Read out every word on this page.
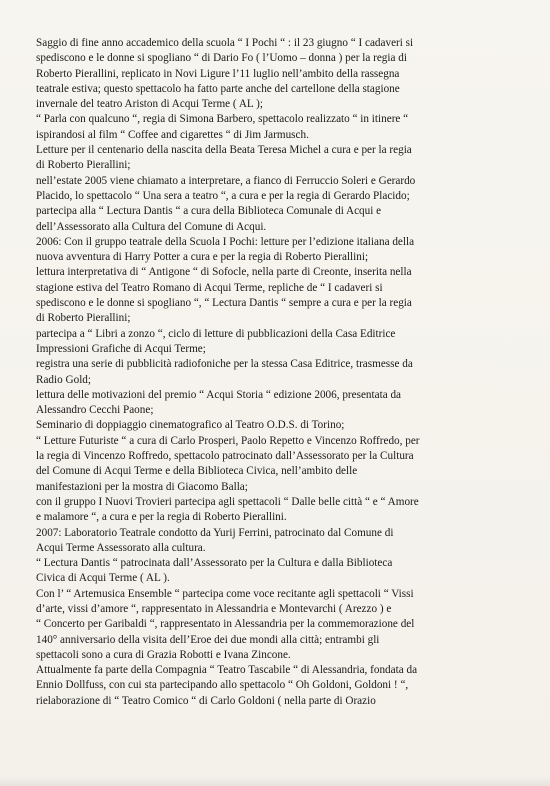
Saggio di fine anno accademico della scuola “ I Pochi “ : il 23 giugno “ I cadaveri si
spediscono e le donne si spogliano “ di Dario Fo ( l’Uomo – donna ) per la regia di
Roberto Pierallini, replicato in Novi Ligure l’11 luglio nell’ambito della rassegna
teatrale estiva; questo spettacolo ha fatto parte anche del cartellone della stagione
invernale del teatro Ariston di Acqui Terme ( AL );
“ Parla con qualcuno “, regia di Simona Barbero, spettacolo realizzato “ in itinere “
ispirandosi al film “ Coffee and cigarettes “ di Jim Jarmusch.
Letture per il centenario della nascita della Beata Teresa Michel a cura e per la regia
di Roberto Pierallini;
nell’estate 2005 viene chiamato a interpretare, a fianco di Ferruccio Soleri e Gerardo
Placido, lo spettacolo “ Una sera a teatro “, a cura e per la regia di Gerardo Placido;
partecipa alla “ Lectura Dantis “ a cura della Biblioteca Comunale di Acqui e
dell’Assessorato alla Cultura del Comune di Acqui.
2006: Con il gruppo teatrale della Scuola I Pochi: letture per l’edizione italiana della
nuova avventura di Harry Potter a cura e per la regia di Roberto Pierallini;
lettura interpretativa di “ Antigone “ di Sofocle, nella parte di Creonte, inserita nella
stagione estiva del Teatro Romano di Acqui Terme, repliche de “ I cadaveri si
spediscono e le donne si spogliano “, “ Lectura Dantis “ sempre a cura e per la regia
di Roberto Pierallini;
partecipa a “ Libri a zonzo “, ciclo di letture di pubblicazioni della Casa Editrice
Impressioni Grafiche di Acqui Terme;
registra una serie di pubblicità radiofoniche per la stessa Casa Editrice, trasmesse da
Radio Gold;
lettura delle motivazioni del premio “ Acqui Storia “ edizione 2006, presentata da
Alessandro Cecchi Paone;
Seminario di doppiaggio cinematografico al Teatro O.D.S. di Torino;
“ Letture Futuriste “ a cura di Carlo Prosperi, Paolo Repetto e Vincenzo Roffredo, per
la regia di Vincenzo Roffredo, spettacolo patrocinato dall’Assessorato per la Cultura
del Comune di Acqui Terme e della Biblioteca Civica, nell’ambito delle
manifestazioni per la mostra di Giacomo Balla;
con il gruppo I Nuovi Trovieri partecipa agli spettacoli “ Dalle belle città “ e “ Amore
e malamore “, a cura e per la regia di Roberto Pierallini.
2007: Laboratorio Teatrale condotto da Yurij Ferrini, patrocinato dal Comune di
Acqui Terme Assessorato alla cultura.
“ Lectura Dantis “ patrocinata dall’Assessorato per la Cultura e dalla Biblioteca
Civica di Acqui Terme ( AL ).
Con l’ “ Artemusica Ensemble “ partecipa come voce recitante agli spettacoli “ Vissi
d’arte, vissi d’amore “, rappresentato in Alessandria e Montevarchi ( Arezzo ) e
“ Concerto per Garibaldi “, rappresentato in Alessandria per la commemorazione del
140° anniversario della visita dell’Eroe dei due mondi alla città; entrambi gli
spettacoli sono a cura di Grazia Robotti e Ivana Zincone.
Attualmente fa parte della Compagnia “ Teatro Tascabile “ di Alessandria, fondata da
Ennio Dollfuss, con cui sta partecipando allo spettacolo “ Oh Goldoni, Goldoni ! “,
rielaborazione di “ Teatro Comico “ di Carlo Goldoni ( nella parte di Orazio
